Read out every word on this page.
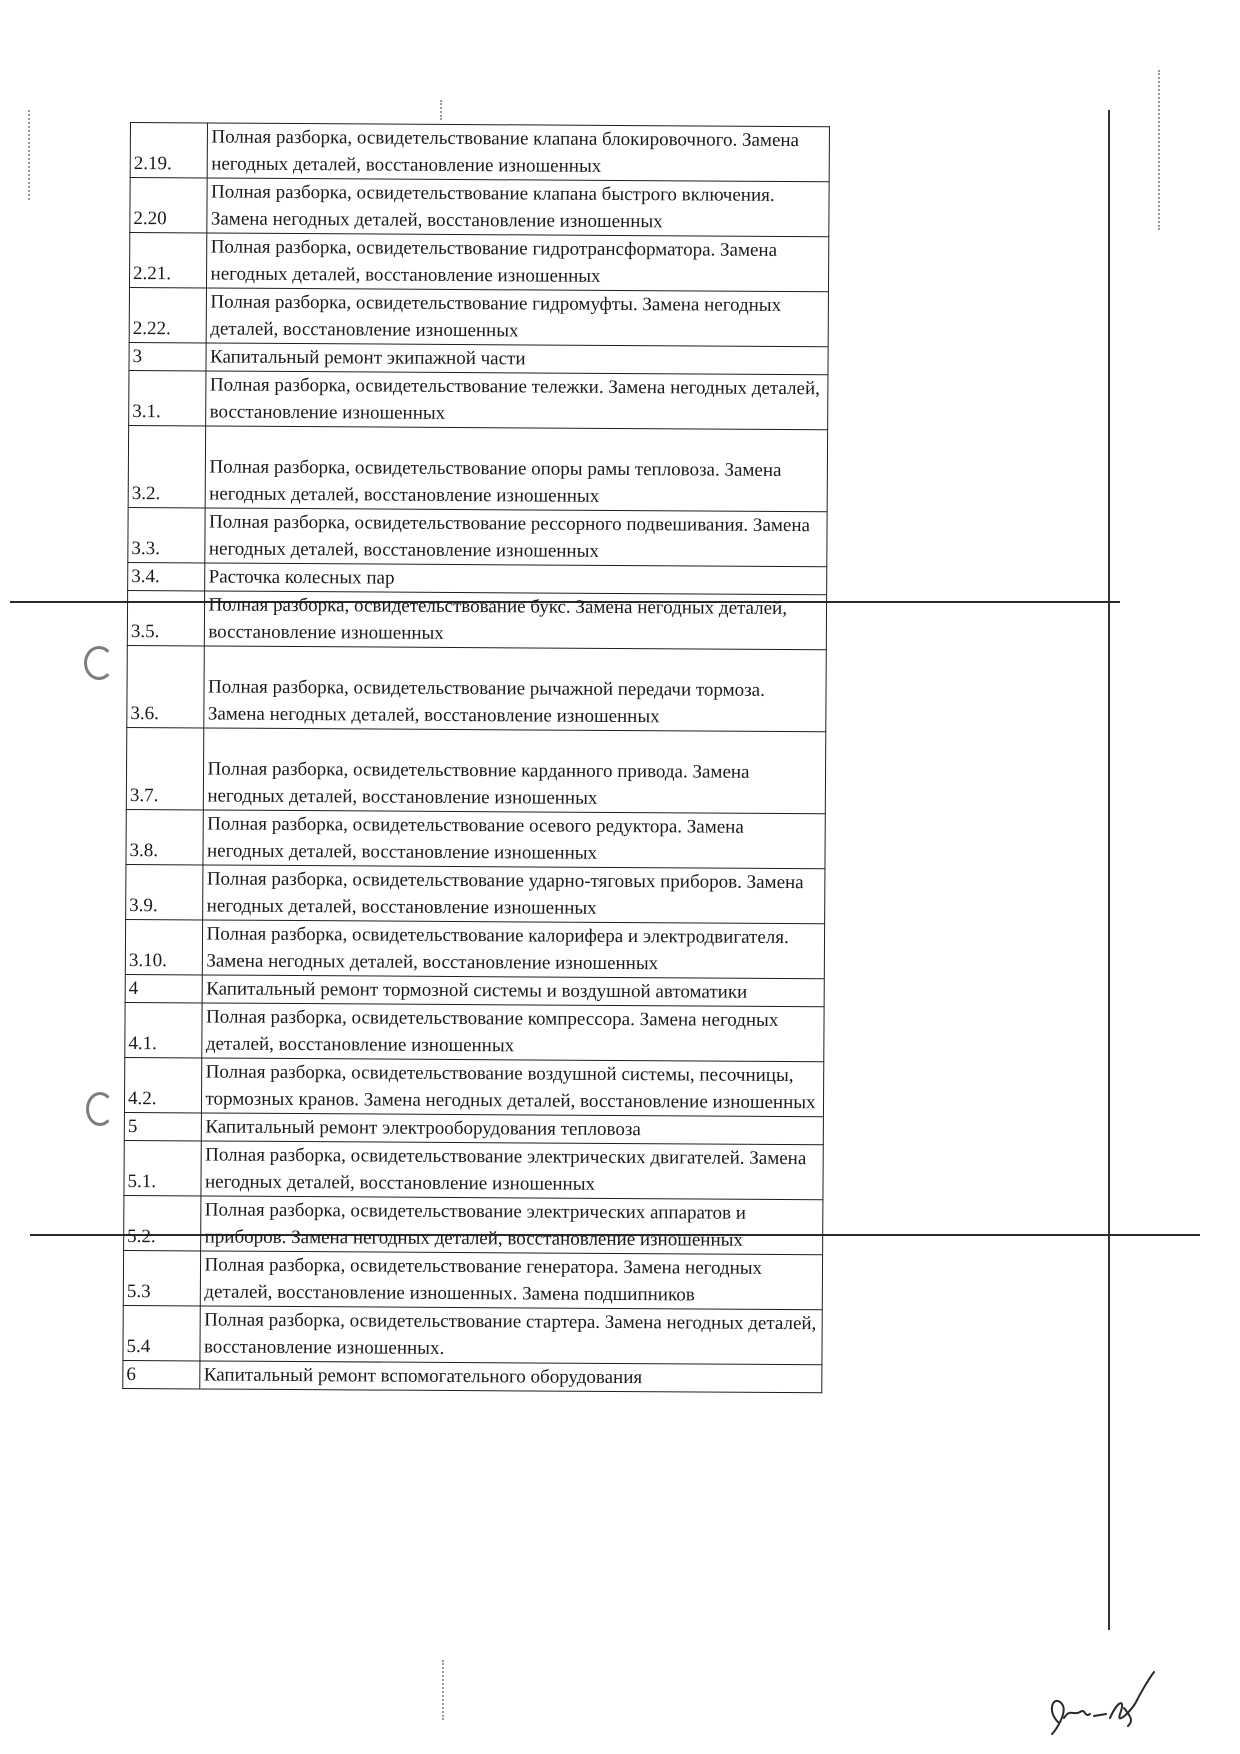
2.19.	Полная разборка, освидетельствование клапана блокировочного. Замена негодных деталей, восстановление изношенных
2.20	Полная разборка, освидетельствование клапана быстрого включения. Замена негодных деталей, восстановление изношенных
2.21.	Полная разборка, освидетельствование гидротрансформатора. Замена негодных деталей, восстановление изношенных
2.22.	Полная разборка, освидетельствование гидромуфты. Замена негодных деталей, восстановление изношенных
3	Капитальный ремонт экипажной части
3.1.	Полная разборка, освидетельствование тележки. Замена негодных деталей, восстановление изношенных
3.2.	Полная разборка, освидетельствование опоры рамы тепловоза. Замена негодных деталей, восстановление изношенных
3.3.	Полная разборка, освидетельствование рессорного подвешивания. Замена негодных деталей, восстановление изношенных
3.4.	Расточка колесных пар
3.5.	Полная разборка, освидетельствование букс. Замена негодных деталей, восстановление изношенных
3.6.	Полная разборка, освидетельствование рычажной передачи тормоза. Замена негодных деталей, восстановление изношенных
3.7.	Полная разборка, освидетельствовние карданного привода. Замена негодных деталей, восстановление изношенных
3.8.	Полная разборка, освидетельствование осевого редуктора. Замена негодных деталей, восстановление изношенных
3.9.	Полная разборка, освидетельствование ударно-тяговых приборов. Замена негодных деталей, восстановление изношенных
3.10.	Полная разборка, освидетельствование калорифера и электродвигателя. Замена негодных деталей, восстановление изношенных
4	Капитальный ремонт тормозной системы и воздушной автоматики
4.1.	Полная разборка, освидетельствование компрессора. Замена негодных деталей, восстановление изношенных
4.2.	Полная разборка, освидетельствование воздушной системы, песочницы, тормозных кранов. Замена негодных деталей, восстановление изношенных
5	Капитальный ремонт электрооборудования тепловоза
5.1.	Полная разборка, освидетельствование электрических двигателей. Замена негодных деталей, восстановление изношенных
5.2.	Полная разборка, освидетельствование электрических аппаратов и приборов. Замена негодных деталей, восстановление изношенных
5.3	Полная разборка, освидетельствование генератора. Замена негодных деталей, восстановление изношенных. Замена подшипников
5.4	Полная разборка, освидетельствование стартера. Замена негодных деталей, восстановление изношенных.
6	Капитальный ремонт вспомогательного оборудования
